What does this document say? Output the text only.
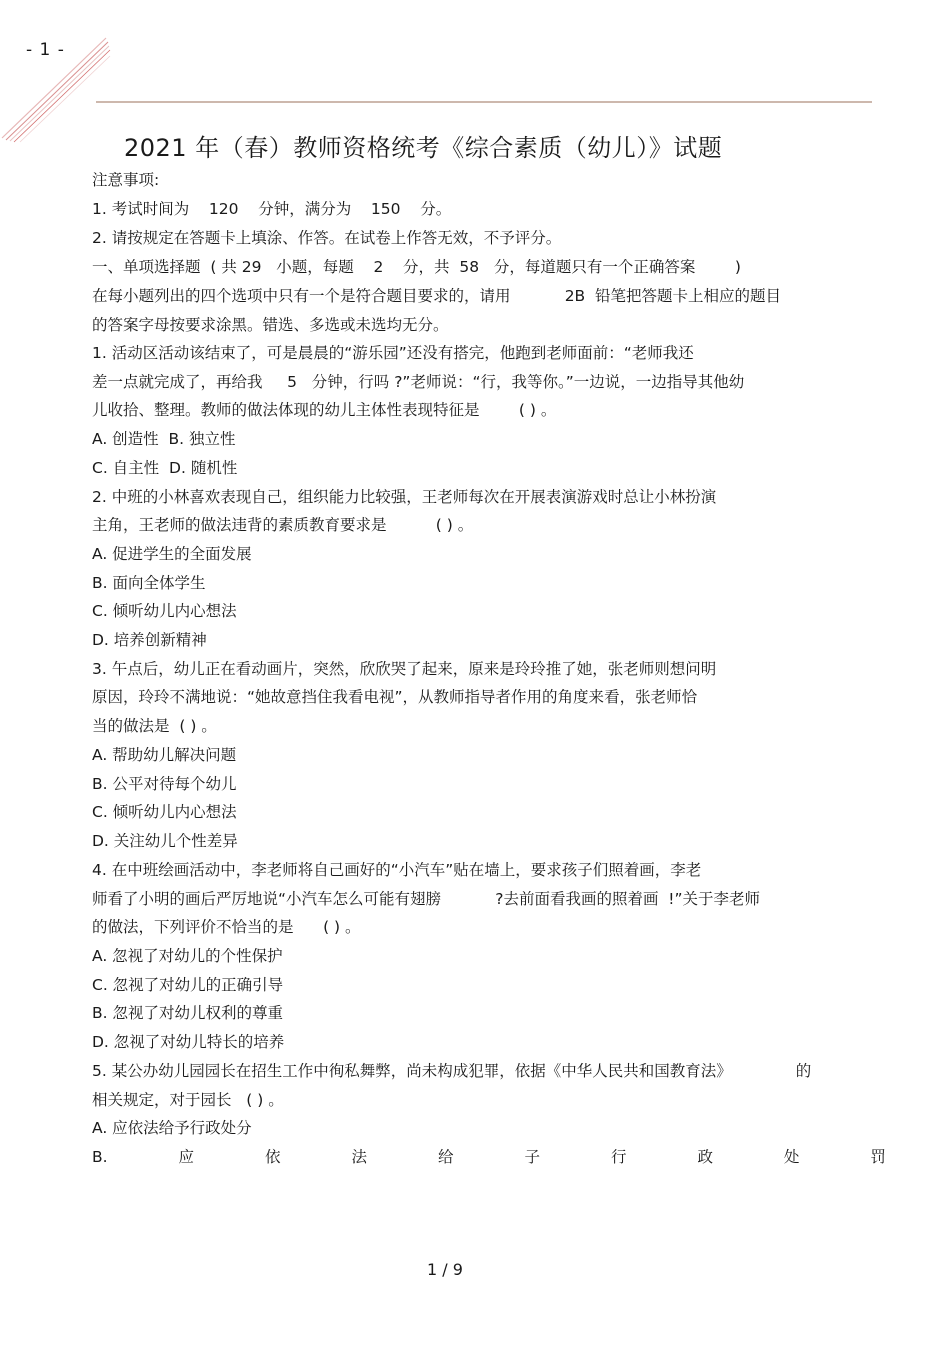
- 1 -
2021 年（春）教师资格统考《综合素质（幼儿）》试题
注意事项:
1. 考试时间为    120    分钟，满分为    150    分。
2. 请按规定在答题卡上填涂、作答。在试卷上作答无效，不予评分。
一、单项选择题  ( 共 29   小题，每题    2    分，共  58   分，每道题只有一个正确答案        )
在每小题列出的四个选项中只有一个是符合题目要求的，请用           2B  铅笔把答题卡上相应的题目
的答案字母按要求涂黑。错选、多选或未选均无分。
1. 活动区活动该结束了，可是晨晨的“游乐园”还没有搭完，他跑到老师面前：“老师我还
差一点就完成了，再给我     5   分钟，行吗 ?”老师说：“行，我等你。”一边说，一边指导其他幼
儿收拾、整理。教师的做法体现的幼儿主体性表现特征是        ( ) 。
A. 创造性  B. 独立性
C. 自主性  D. 随机性
2. 中班的小林喜欢表现自己，组织能力比较强，王老师每次在开展表演游戏时总让小林扮演
主角，王老师的做法违背的素质教育要求是          ( ) 。
A. 促进学生的全面发展
B. 面向全体学生
C. 倾听幼儿内心想法
D. 培养创新精神
3. 午点后，幼儿正在看动画片，突然，欣欣哭了起来，原来是玲玲推了她，张老师则想问明
原因，玲玲不满地说：“她故意挡住我看电视”，从教师指导者作用的角度来看，张老师恰
当的做法是  ( ) 。
A. 帮助幼儿解决问题
B. 公平对待每个幼儿
C. 倾听幼儿内心想法
D. 关注幼儿个性差异
4. 在中班绘画活动中，李老师将自己画好的“小汽车”贴在墙上，要求孩子们照着画，李老
师看了小明的画后严厉地说“小汽车怎么可能有翅膀           ?去前面看我画的照着画  !”关于李老师
的做法，下列评价不恰当的是      ( ) 。
A. 忽视了对幼儿的个性保护
C. 忽视了对幼儿的正确引导
B. 忽视了对幼儿权利的尊重
D. 忽视了对幼儿特长的培养
5. 某公办幼儿园园长在招生工作中徇私舞弊，尚未构成犯罪，依据《中华人民共和国教育法》             的
相关规定，对于园长   ( ) 。
A. 应依法给予行政处分
B.	应	依	法	给	子	行	政	处	罚
1 / 9
